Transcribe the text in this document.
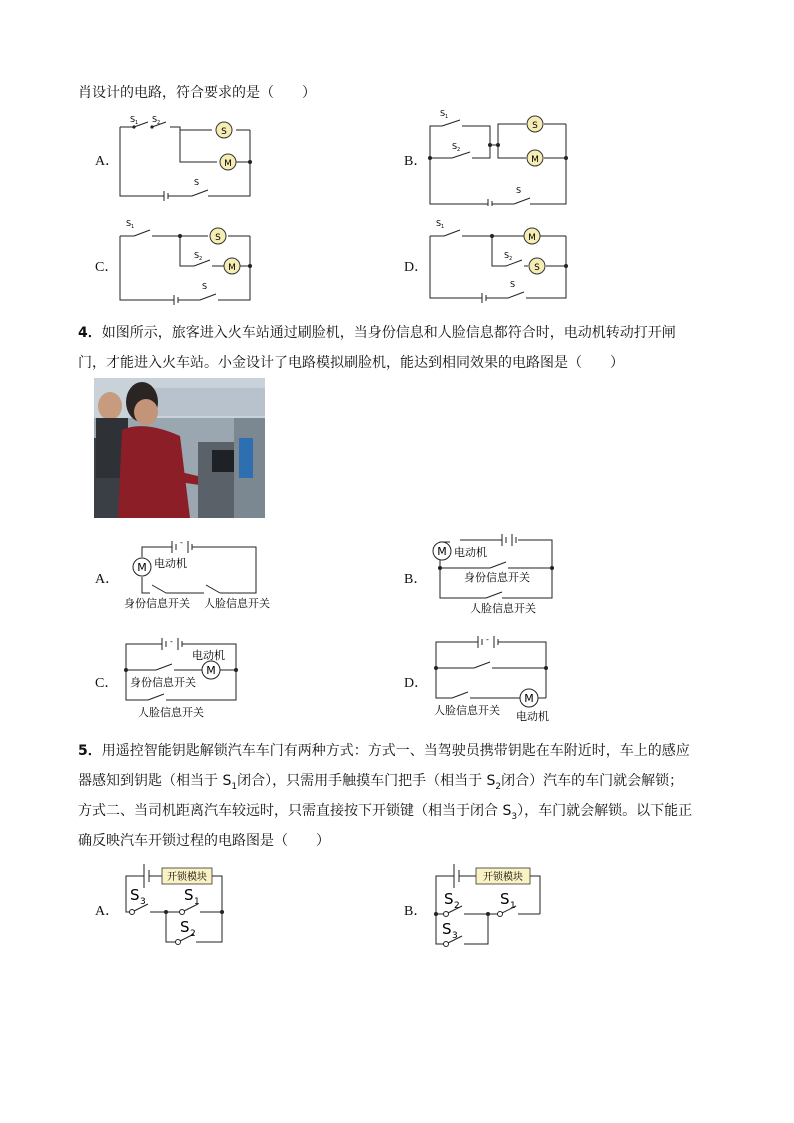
肖设计的电路，符合要求的是（　　）
A．	B．
C．	D．
S
M
S 1 S 2
S
S
M
S 1
S 2
S
S
M
S 1
S 2
S
M
S
S 1
S 2
S
4．如图所示，旅客进入火车站通过刷脸机，当身份信息和人脸信息都符合时，电动机转动打开闸
门，才能进入火车站。小金设计了电路模拟刷脸机，能达到相同效果的电路图是（　　）
A．	B．
C．	D．
M
-
电动机
身份信息开关 人脸信息开关
M 电动机
身份信息开关
人脸信息开关
M
-
电动机
身份信息开关
人脸信息开关
M
-
人脸信息开关 电动机
5．用遥控智能钥匙解锁汽车车门有两种方式：方式一、当驾驶员携带钥匙在车附近时，车上的感应
器感知到钥匙（相当于 $S_1$闭合），只需用手触摸车门把手（相当于 $S_2$闭合）汽车的车门就会解锁；
方式二、当司机距离汽车较远时，只需直接按下开锁键（相当于闭合 $S_3$），车门就会解锁。以下能正
确反映汽车开锁过程的电路图是（　　）
A．	B．
开锁模块
S 3	S 1
S 2
开锁模块
S 2	S 1
S 3
